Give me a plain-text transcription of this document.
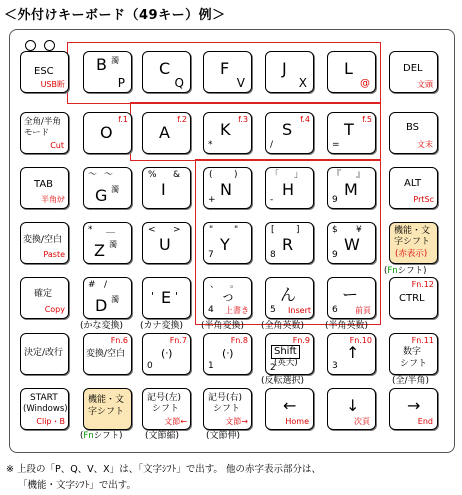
＜外付けキーボード（49キー）例＞
ESC
USB断
B 濁
P
C
Q
F
V
J
X
L
@
DEL
文頭
全角/半角
モード
Cut
f.1
O
f.2
A
f.3
K
*
f.4
S
/
f.5
T
=
BS
文末
TAB
半角ｶﾅ
～ ～
G 濁
% &
I
( )
N
+
「 」
H
-
『 』
M
9
ALT
PrtSc
変換/空白
Paste
* ＿
Z 濁
< >
U
" "
Y
7
[ ]
R
8
$ ¥
W
9
機能・文
字シフト
(赤表示)
(Fnシフト)
確定
Copy
# /
D 濁	' E '
、 。
っ
4 上書き
ん
5 Insert
ー
6 前頁
Fn.12
CTRL
(かな変換) (カナ変換) (半角変換) (全角英数) (半角英数)
決定/改行
Fn.6
変換/空白
Fn.7
(ᐧ)
0
Fn.8
(ᐧ)
1
Fn.9
Shift
(英大)
2
Fn.10
↑
3
Fn.11
数字
シフト
(反転選択)	(全/半角)
START
(Windows)
Clip・B
機能・文
字シフト
記号(左)
シフト
文節←
記号(右)
シフト
文節→
←
Home
↓
次頁
→
End
(Fnシフト)	(文節縮)	(文節伸)
※ 上段の「P、Q、V、X」は、「文字ｼﾌﾄ」で出す。 他の赤字表示部分は、
「機能・文字ｼﾌﾄ」で出す。
